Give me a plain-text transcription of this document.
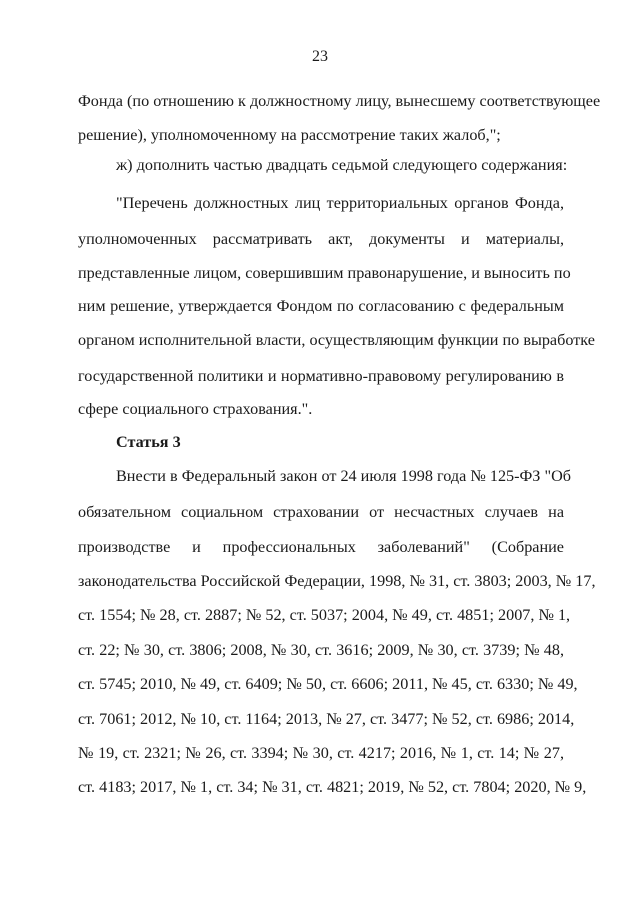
23
Фонда (по отношению к должностному лицу, вынесшему соответствующее
решение), уполномоченному на рассмотрение таких жалоб,";
ж) дополнить частью двадцать седьмой следующего содержания:
"Перечень должностных лиц территориальных органов Фонда,
уполномоченных рассматривать акт, документы и материалы,
представленные лицом, совершившим правонарушение, и выносить по
ним решение, утверждается Фондом по согласованию с федеральным
органом исполнительной власти, осуществляющим функции по выработке
государственной политики и нормативно-правовому регулированию в
сфере социального страхования.".
Статья 3
Внести в Федеральный закон от 24 июля 1998 года № 125-ФЗ "Об
обязательном социальном страховании от несчастных случаев на
производстве и профессиональных заболеваний" (Собрание
законодательства Российской Федерации, 1998, № 31, ст. 3803; 2003, № 17,
ст. 1554; № 28, ст. 2887; № 52, ст. 5037; 2004, № 49, ст. 4851; 2007, № 1,
ст. 22; № 30, ст. 3806; 2008, № 30, ст. 3616; 2009, № 30, ст. 3739; № 48,
ст. 5745; 2010, № 49, ст. 6409; № 50, ст. 6606; 2011, № 45, ст. 6330; № 49,
ст. 7061; 2012, № 10, ст. 1164; 2013, № 27, ст. 3477; № 52, ст. 6986; 2014,
№ 19, ст. 2321; № 26, ст. 3394; № 30, ст. 4217; 2016, № 1, ст. 14; № 27,
ст. 4183; 2017, № 1, ст. 34; № 31, ст. 4821; 2019, № 52, ст. 7804; 2020, № 9,
